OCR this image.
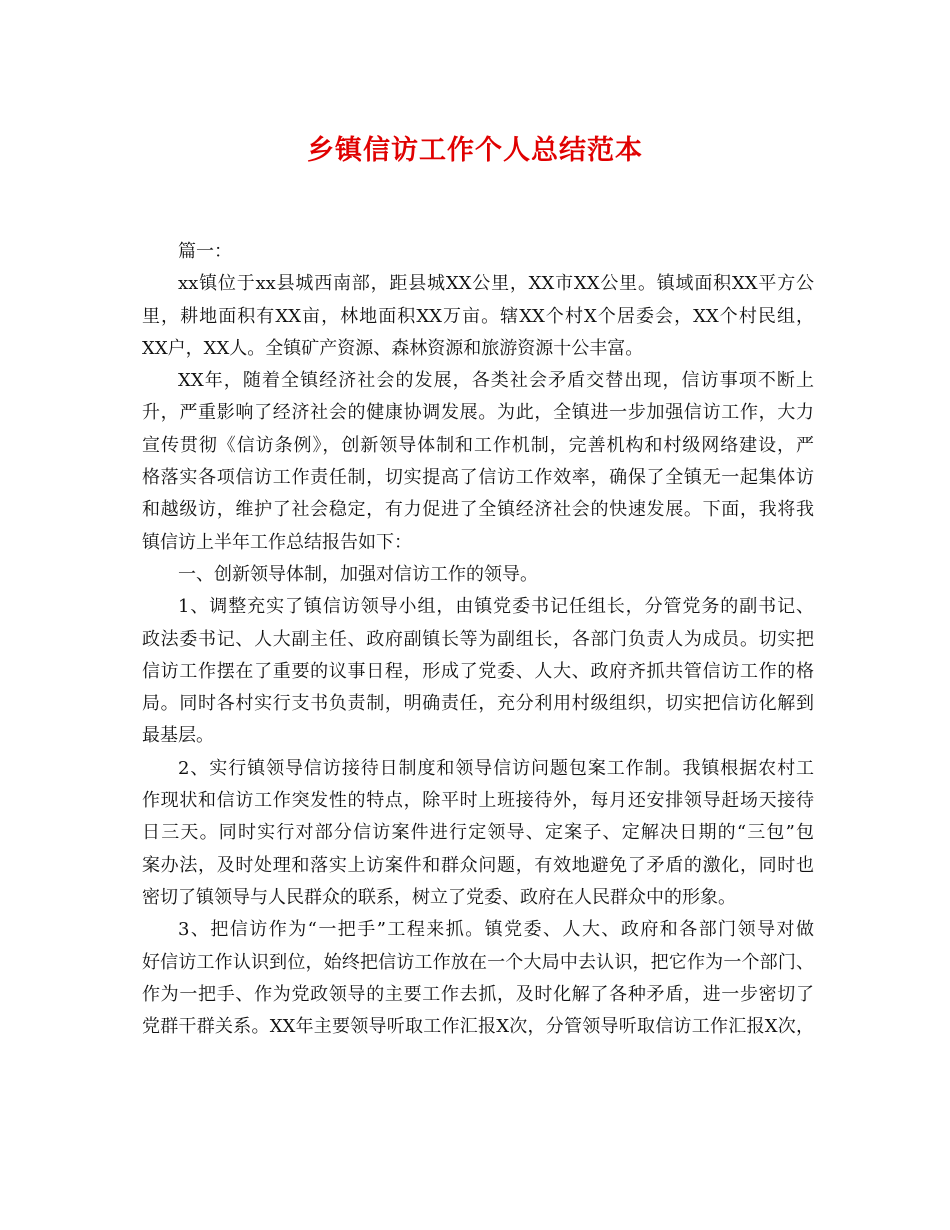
乡镇信访工作个人总结范本
篇一：
xx镇位于xx县城西南部，距县城XX公里，XX市XX公里。镇域面积XX平方公
里，耕地面积有XX亩，林地面积XX万亩。辖XX个村X个居委会，XX个村民组，
XX户，XX人。全镇矿产资源、森林资源和旅游资源十公丰富。
XX年，随着全镇经济社会的发展，各类社会矛盾交替出现，信访事项不断上
升，严重影响了经济社会的健康协调发展。为此，全镇进一步加强信访工作，大力
宣传贯彻《信访条例》，创新领导体制和工作机制，完善机构和村级网络建设，严
格落实各项信访工作责任制，切实提高了信访工作效率，确保了全镇无一起集体访
和越级访，维护了社会稳定，有力促进了全镇经济社会的快速发展。下面，我将我
镇信访上半年工作总结报告如下：
一、创新领导体制，加强对信访工作的领导。
1、调整充实了镇信访领导小组，由镇党委书记任组长，分管党务的副书记、
政法委书记、人大副主任、政府副镇长等为副组长，各部门负责人为成员。切实把
信访工作摆在了重要的议事日程，形成了党委、人大、政府齐抓共管信访工作的格
局。同时各村实行支书负责制，明确责任，充分利用村级组织，切实把信访化解到
最基层。
2、实行镇领导信访接待日制度和领导信访问题包案工作制。我镇根据农村工
作现状和信访工作突发性的特点，除平时上班接待外，每月还安排领导赶场天接待
日三天。同时实行对部分信访案件进行定领导、定案子、定解决日期的“三包”包
案办法，及时处理和落实上访案件和群众问题，有效地避免了矛盾的激化，同时也
密切了镇领导与人民群众的联系，树立了党委、政府在人民群众中的形象。
3、把信访作为“一把手”工程来抓。镇党委、人大、政府和各部门领导对做
好信访工作认识到位，始终把信访工作放在一个大局中去认识，把它作为一个部门、
作为一把手、作为党政领导的主要工作去抓，及时化解了各种矛盾，进一步密切了
党群干群关系。XX年主要领导听取工作汇报X次，分管领导听取信访工作汇报X次，
